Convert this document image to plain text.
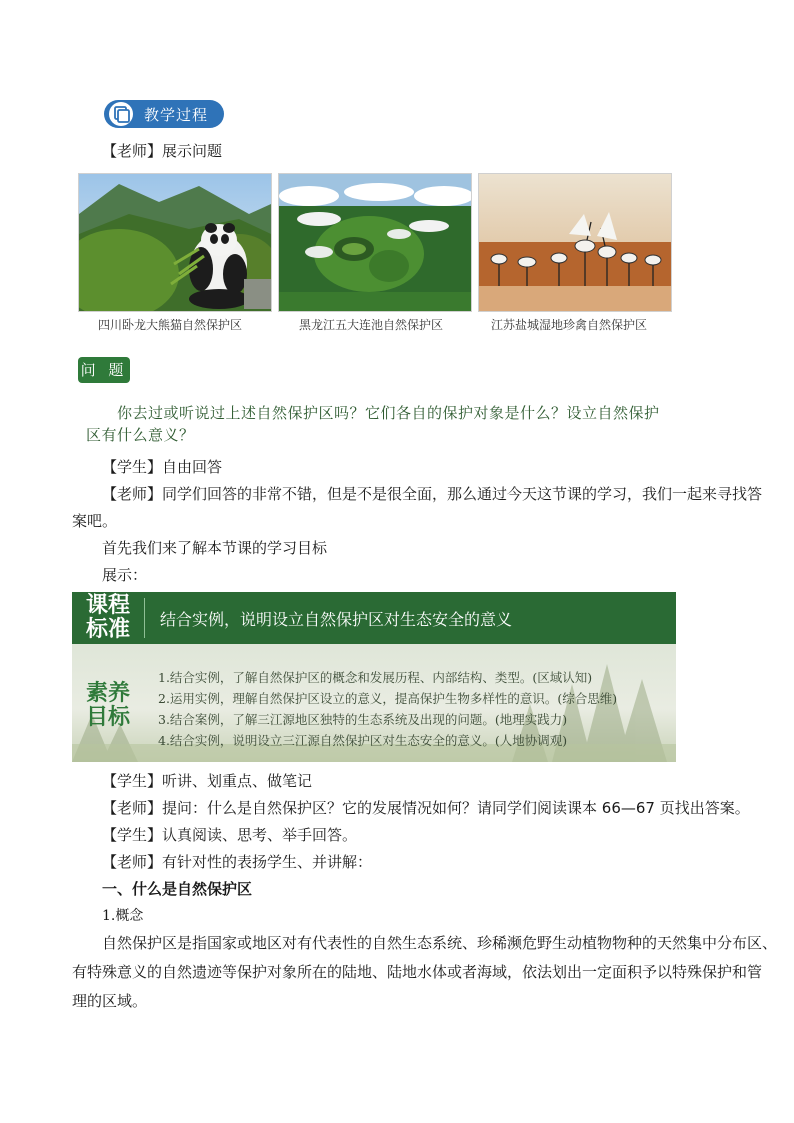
教学过程
【老师】展示问题
四川卧龙大熊猫自然保护区	黑龙江五大连池自然保护区	江苏盐城湿地珍禽自然保护区
问 题
你去过或听说过上述自然保护区吗？它们各自的保护对象是什么？设立自然保护
区有什么意义？
【学生】自由回答
【老师】同学们回答的非常不错，但是不是很全面，那么通过今天这节课的学习，我们一起来寻找答
案吧。
首先我们来了解本节课的学习目标
展示：
课程
标准 结合实例，说明设立自然保护区对生态安全的意义
素养
目标
1.结合实例，了解自然保护区的概念和发展历程、内部结构、类型。(区域认知)
2.运用实例，理解自然保护区设立的意义，提高保护生物多样性的意识。(综合思维)
3.结合案例，了解三江源地区独特的生态系统及出现的问题。(地理实践力)
4.结合实例，说明设立三江源自然保护区对生态安全的意义。(人地协调观)
【学生】听讲、划重点、做笔记
【老师】提问：什么是自然保护区？它的发展情况如何？请同学们阅读课本 66—67 页找出答案。
【学生】认真阅读、思考、举手回答。
【老师】有针对性的表扬学生、并讲解：
一、什么是自然保护区
1.概念
自然保护区是指国家或地区对有代表性的自然生态系统、珍稀濒危野生动植物物种的天然集中分布区、
有特殊意义的自然遗迹等保护对象所在的陆地、陆地水体或者海域，依法划出一定面积予以特殊保护和管
理的区域。
